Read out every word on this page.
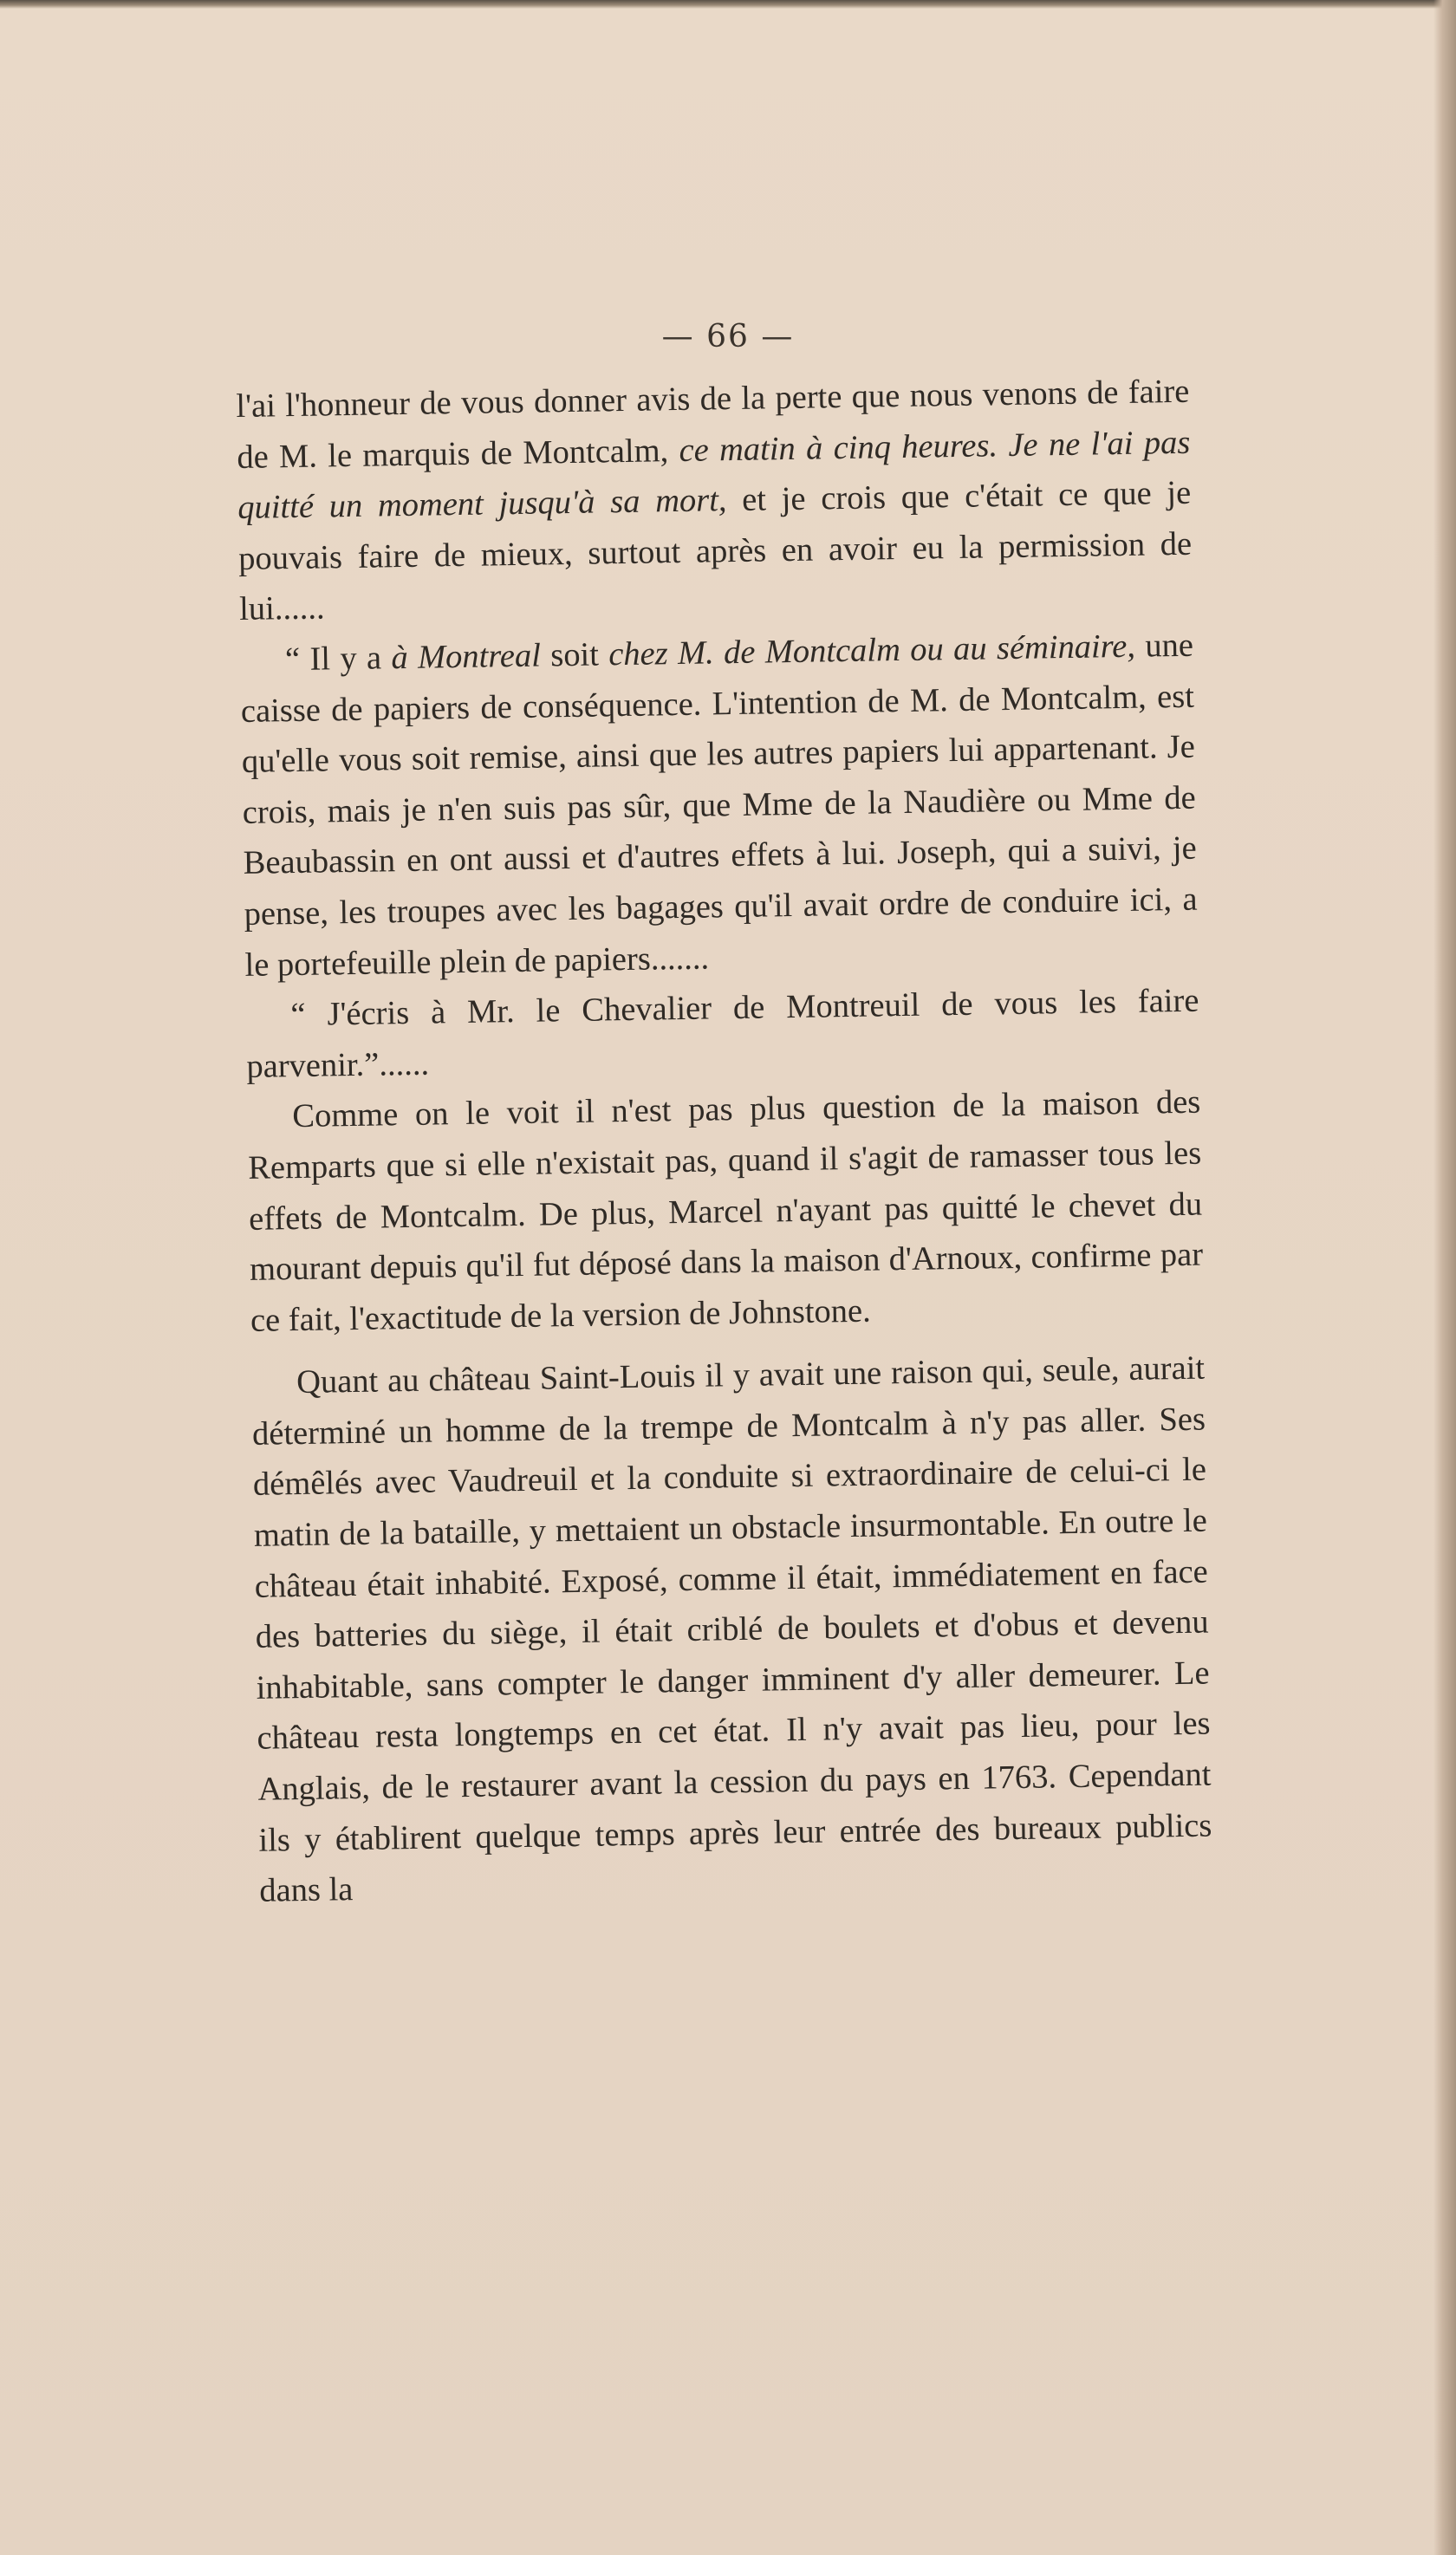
— 66 —

l'ai l'honneur de vous donner avis de la perte que nous venons de faire de M. le marquis de Montcalm, ce matin à cinq heures. Je ne l'ai pas quitté un moment jusqu'à sa mort, et je crois que c'était ce que je pouvais faire de mieux, surtout après en avoir eu la permission de lui......

“ Il y a à Montreal soit chez M. de Montcalm ou au séminaire, une caisse de papiers de conséquence. L'intention de M. de Montcalm, est qu'elle vous soit remise, ainsi que les autres papiers lui appartenant. Je crois, mais je n'en suis pas sûr, que Mme de la Naudière ou Mme de Beaubassin en ont aussi et d'autres effets à lui. Joseph, qui a suivi, je pense, les troupes avec les bagages qu'il avait ordre de conduire ici, a le portefeuille plein de papiers.......

“ J'écris à Mr. le Chevalier de Montreuil de vous les faire parvenir.”......

Comme on le voit il n'est pas plus question de la maison des Remparts que si elle n'existait pas, quand il s'agit de ramasser tous les effets de Montcalm. De plus, Marcel n'ayant pas quitté le chevet du mourant depuis qu'il fut déposé dans la maison d'Arnoux, confirme par ce fait, l'exactitude de la version de Johnstone.

Quant au château Saint-Louis il y avait une raison qui, seule, aurait déterminé un homme de la trempe de Montcalm à n'y pas aller. Ses démêlés avec Vaudreuil et la conduite si extraordinaire de celui-ci le matin de la bataille, y mettaient un obstacle insurmontable. En outre le château était inhabité. Exposé, comme il était, immédiatement en face des batteries du siège, il était criblé de boulets et d'obus et devenu inhabitable, sans compter le danger imminent d'y aller demeurer. Le château resta longtemps en cet état. Il n'y avait pas lieu, pour les Anglais, de le restaurer avant la cession du pays en 1763. Cependant ils y établirent quelque temps après leur entrée des bureaux publics dans la
